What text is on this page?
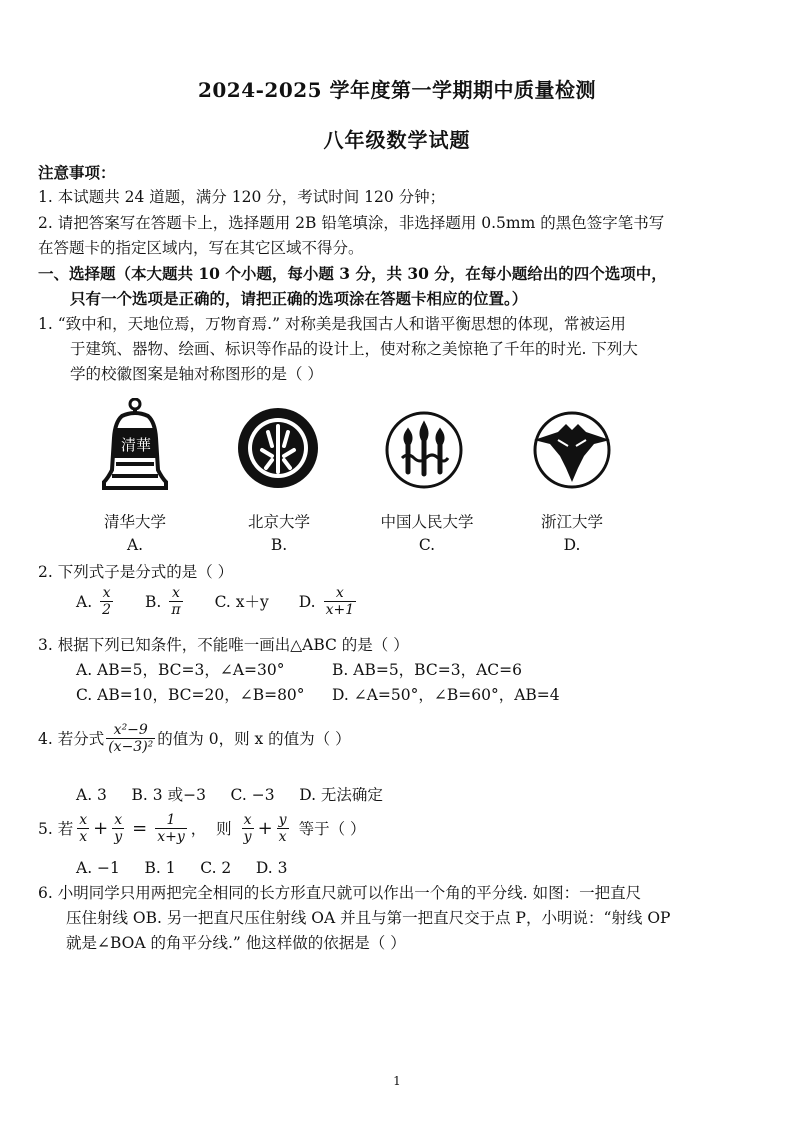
2024-2025 学年度第一学期期中质量检测
八年级数学试题
注意事项：
1. 本试题共 24 道题，满分 120 分，考试时间 120 分钟；
2. 请把答案写在答题卡上，选择题用 2B 铅笔填涂，非选择题用 0.5mm 的黑色签字笔书写
在答题卡的指定区域内，写在其它区域不得分。
一、选择题（本大题共 10 个小题，每小题 3 分，共 30 分，在每小题给出的四个选项中，
只有一个选项是正确的，请把正确的选项涂在答题卡相应的位置。）
1. “致中和，天地位焉，万物育焉.” 对称美是我国古人和谐平衡思想的体现，常被运用
于建筑、器物、绘画、标识等作品的设计上，使对称之美惊艳了千年的时光. 下列大
学的校徽图案是轴对称图形的是（ ）
清華
清华大学
A.
北京大学
B.
中国人民大学
C.
浙江大学
D.
2. 下列式子是分式的是（ ）
A. $\frac{x}{2} B$. $\frac{x}{\pi} C$. x＋y D. $\frac{x}{x+1}$
3. 根据下列已知条件，不能唯一画出△ABC 的是（ ）
A. AB=5，BC=3，∠A=30°	B. AB=5，BC=3，AC=6
C. AB=10，BC=20，∠B=80° D. ∠A=50°，∠B=60°，AB=4
4. 若分式 $\frac{\text{x²−9}}{\text{(x−3)²}}$ 的值为 0，则 x 的值为（ ）
A. 3     B. 3 或−3     C. −3     D. 无法确定
5. 若 $\frac{x}{x} + \frac{x}{y} = \frac{1}{x+y}$ ，  则 $\frac{x}{y} + \frac{y}{x}$ 等于（ ）
A. −1     B. 1     C. 2     D. 3
6. 小明同学只用两把完全相同的长方形直尺就可以作出一个角的平分线. 如图：一把直尺
压住射线 OB. 另一把直尺压住射线 OA 并且与第一把直尺交于点 P，小明说：“射线 OP
就是∠BOA 的角平分线.” 他这样做的依据是（ ）
1
